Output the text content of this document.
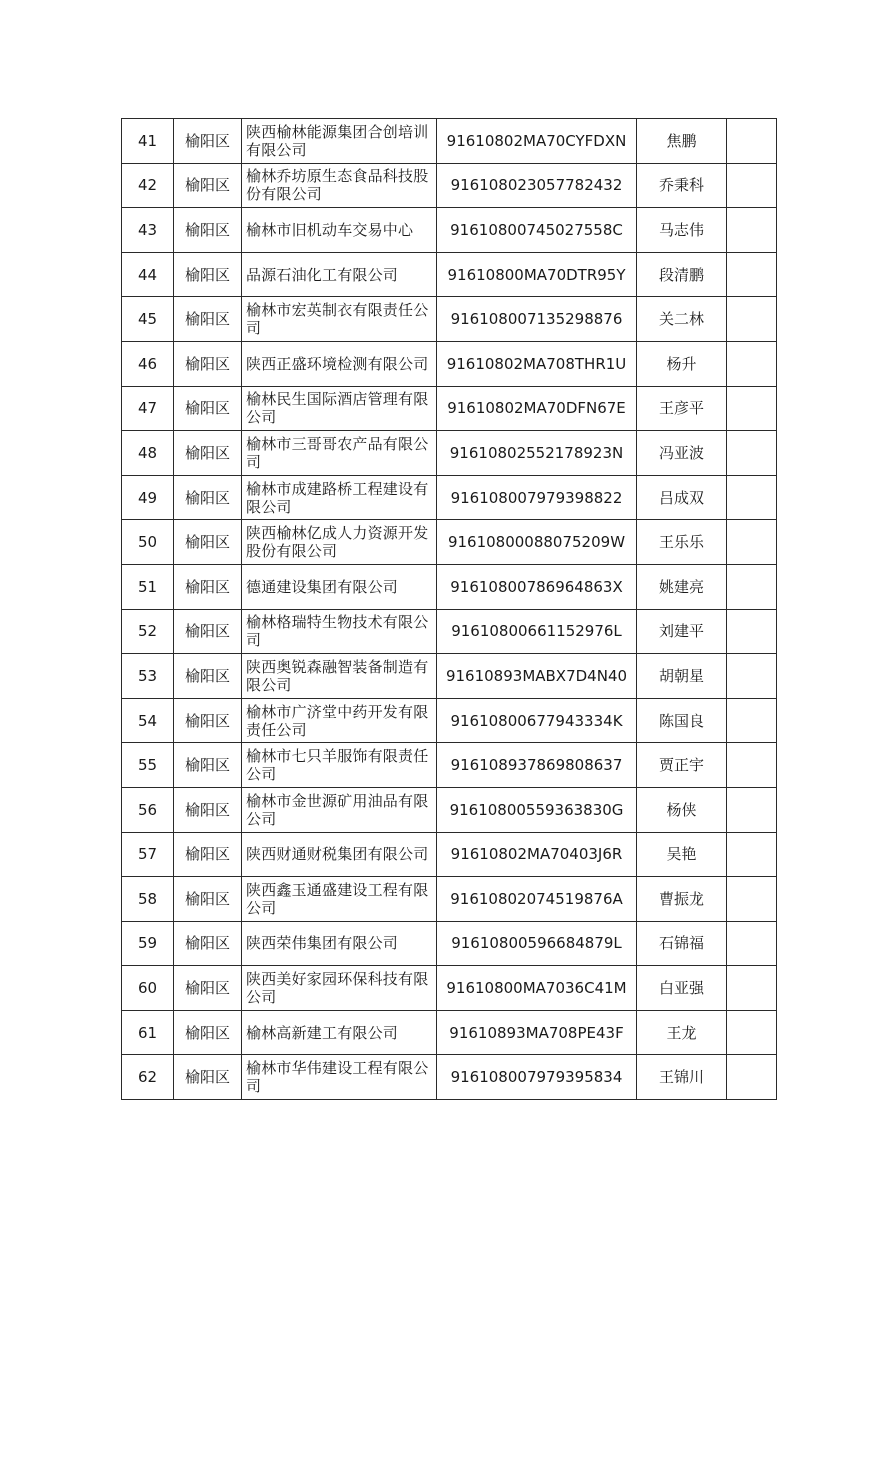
41	榆阳区	陕西榆林能源集团合创培训有限公司	91610802MA70CYFDXN	焦鹏	
42	榆阳区	榆林乔坊原生态食品科技股份有限公司	916108023057782432	乔秉科	
43	榆阳区	榆林市旧机动车交易中心	91610800745027558C	马志伟	
44	榆阳区	品源石油化工有限公司	91610800MA70DTR95Y	段清鹏	
45	榆阳区	榆林市宏英制衣有限责任公司	916108007135298876	关二林	
46	榆阳区	陕西正盛环境检测有限公司	91610802MA708THR1U	杨升	
47	榆阳区	榆林民生国际酒店管理有限公司	91610802MA70DFN67E	王彦平	
48	榆阳区	榆林市三哥哥农产品有限公司	91610802552178923N	冯亚波	
49	榆阳区	榆林市成建路桥工程建设有限公司	916108007979398822	吕成双	
50	榆阳区	陕西榆林亿成人力资源开发股份有限公司	91610800088075209W	王乐乐	
51	榆阳区	德通建设集团有限公司	91610800786964863X	姚建亮	
52	榆阳区	榆林格瑞特生物技术有限公司	91610800661152976L	刘建平	
53	榆阳区	陕西奥锐森融智装备制造有限公司	91610893MABX7D4N40	胡朝星	
54	榆阳区	榆林市广济堂中药开发有限责任公司	91610800677943334K	陈国良	
55	榆阳区	榆林市七只羊服饰有限责任公司	916108937869808637	贾正宇	
56	榆阳区	榆林市金世源矿用油品有限公司	91610800559363830G	杨侠	
57	榆阳区	陕西财通财税集团有限公司	91610802MA70403J6R	吴艳	
58	榆阳区	陕西鑫玉通盛建设工程有限公司	91610802074519876A	曹振龙	
59	榆阳区	陕西荣伟集团有限公司	91610800596684879L	石锦福	
60	榆阳区	陕西美好家园环保科技有限公司	91610800MA7036C41M	白亚强	
61	榆阳区	榆林高新建工有限公司	91610893MA708PE43F	王龙	
62	榆阳区	榆林市华伟建设工程有限公司	916108007979395834	王锦川	
